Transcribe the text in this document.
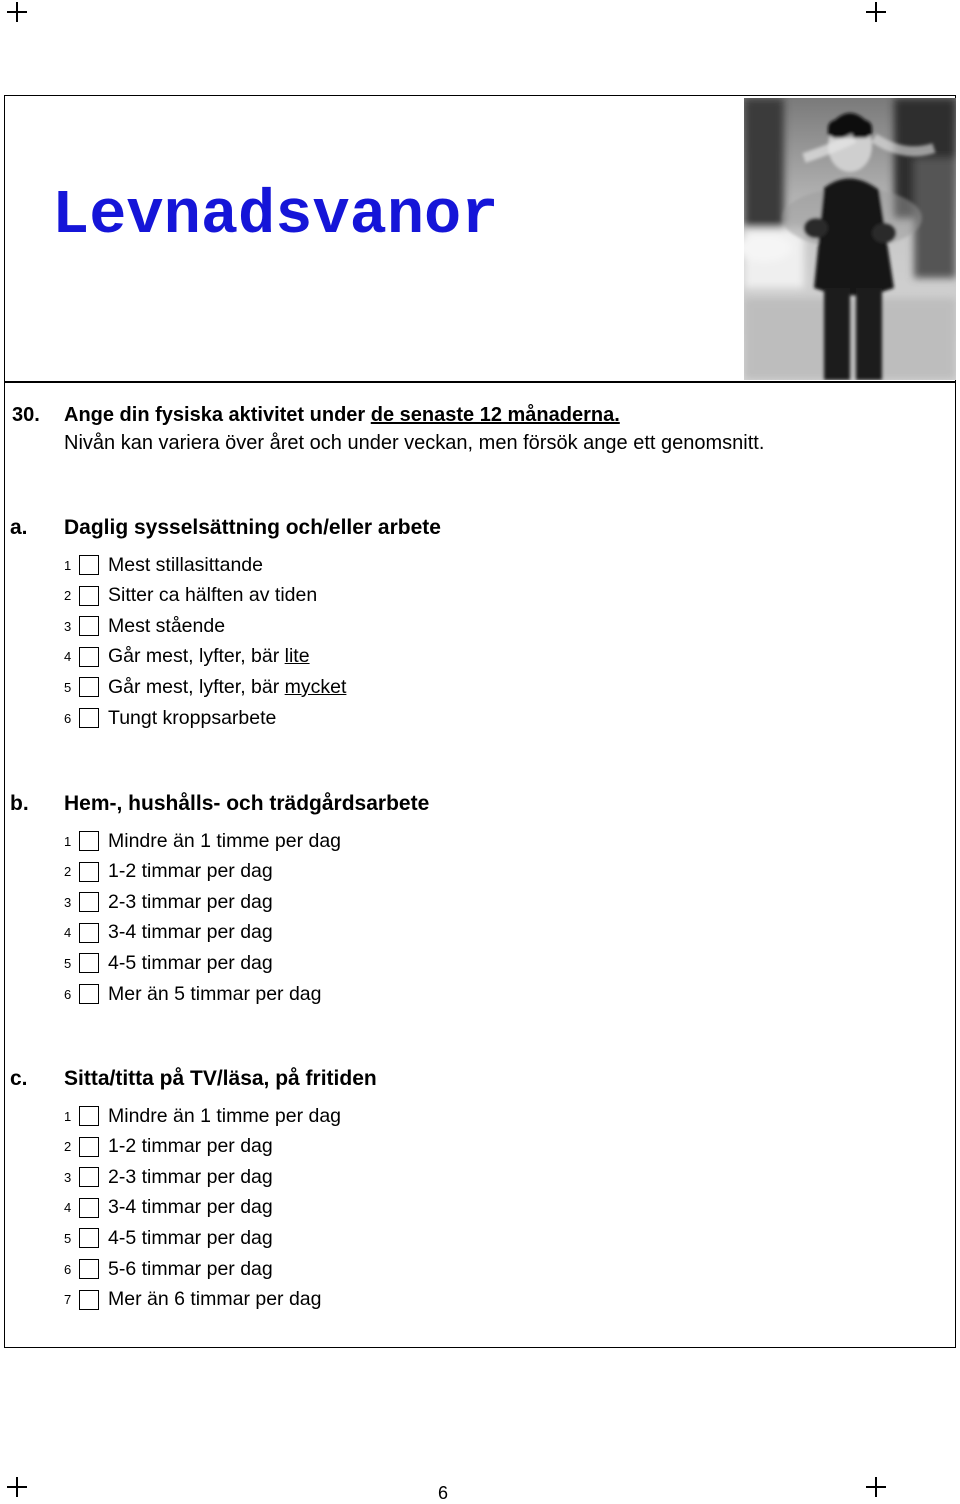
Levnadsvanor
30. Ange din fysiska aktivitet under de senaste 12 månaderna.
Nivån kan variera över året och under veckan, men försök ange ett genomsnitt.
a. Daglig sysselsättning och/eller arbete
1 Mest stillasittande
2 Sitter ca hälften av tiden
3 Mest stående
4 Går mest, lyfter, bär lite
5 Går mest, lyfter, bär mycket
6 Tungt kroppsarbete
b. Hem-, hushålls- och trädgårdsarbete
1 Mindre än 1 timme per dag
2 1-2 timmar per dag
3 2-3 timmar per dag
4 3-4 timmar per dag
5 4-5 timmar per dag
6 Mer än 5 timmar per dag
c. Sitta/titta på TV/läsa, på fritiden
1 Mindre än 1 timme per dag
2 1-2 timmar per dag
3 2-3 timmar per dag
4 3-4 timmar per dag
5 4-5 timmar per dag
6 5-6 timmar per dag
7 Mer än 6 timmar per dag
6
